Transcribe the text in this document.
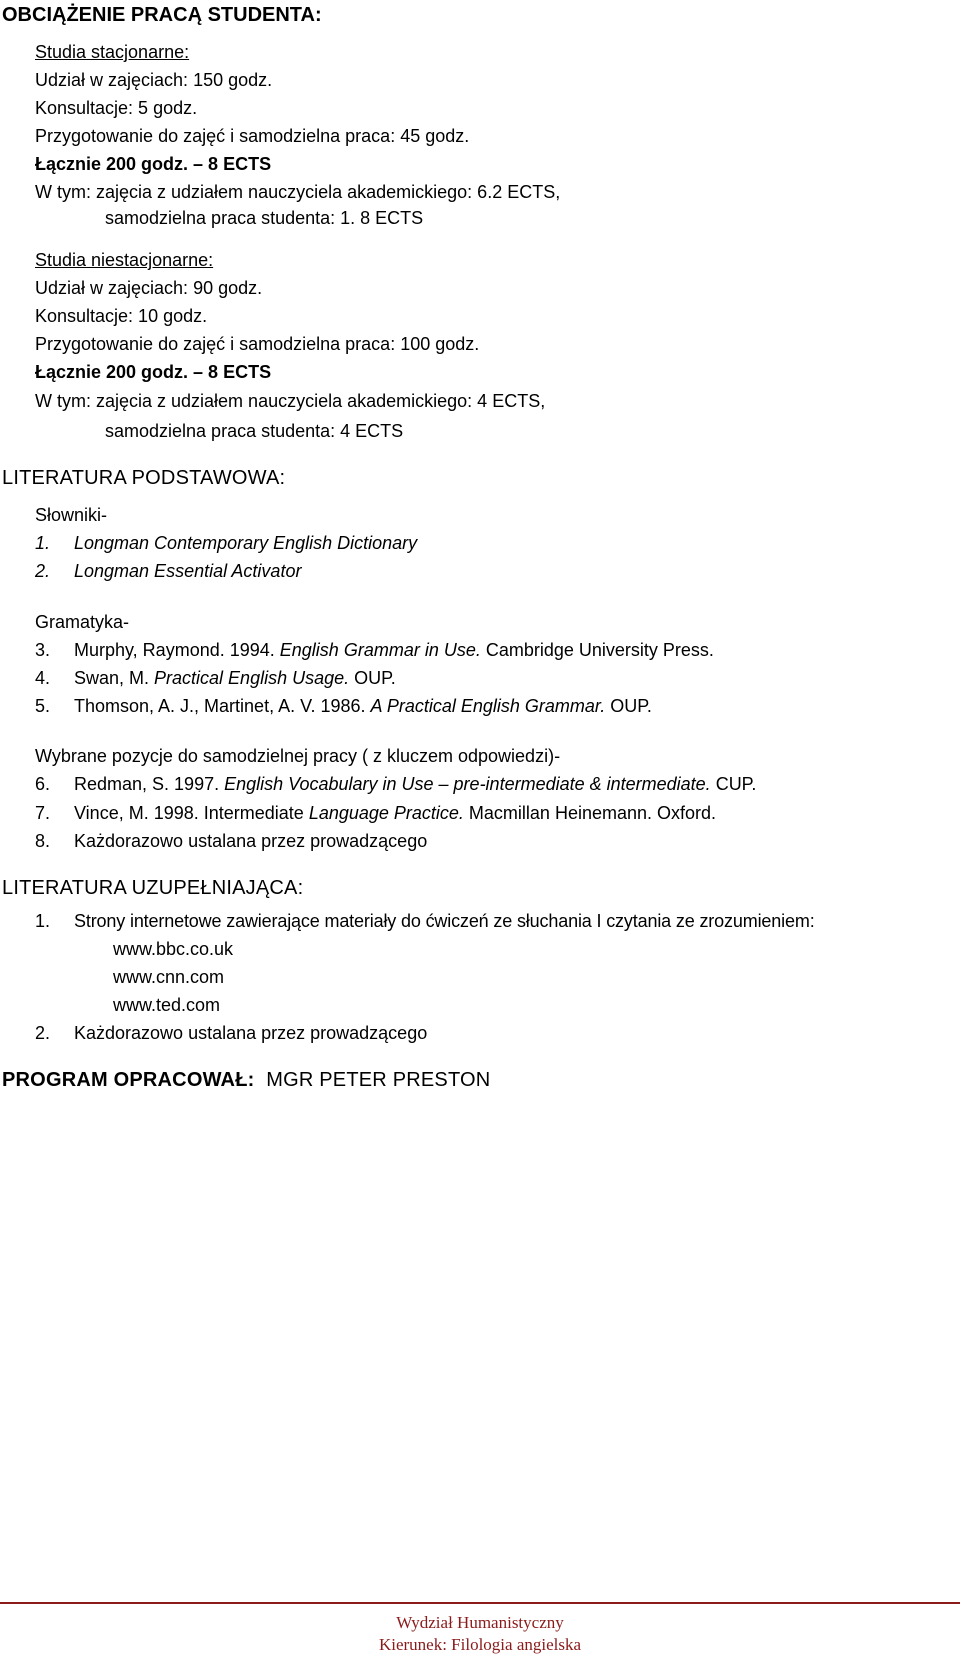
OBCIĄŻENIE PRACĄ STUDENTA:
Studia stacjonarne:
Udział w zajęciach: 150 godz.
Konsultacje: 5 godz.
Przygotowanie do zajęć i samodzielna praca: 45 godz.
Łącznie 200 godz. – 8 ECTS
W tym: zajęcia z udziałem nauczyciela akademickiego: 6.2 ECTS,
samodzielna praca studenta: 1. 8 ECTS
Studia niestacjonarne:
Udział w zajęciach: 90 godz.
Konsultacje: 10 godz.
Przygotowanie do zajęć i samodzielna praca: 100 godz.
Łącznie 200 godz. – 8 ECTS
W tym: zajęcia z udziałem nauczyciela akademickiego: 4 ECTS,
samodzielna praca studenta: 4 ECTS
LITERATURA PODSTAWOWA:
Słowniki-
1. Longman Contemporary English Dictionary
2. Longman Essential Activator
Gramatyka-
3. Murphy, Raymond. 1994. English Grammar in Use. Cambridge University Press.
4. Swan, M. Practical English Usage. OUP.
5. Thomson, A. J., Martinet, A. V. 1986. A Practical English Grammar. OUP.
Wybrane pozycje do samodzielnej pracy ( z kluczem odpowiedzi)-
6. Redman, S. 1997. English Vocabulary in Use – pre-intermediate & intermediate. CUP.
7. Vince, M. 1998. Intermediate Language Practice. Macmillan Heinemann. Oxford.
8. Każdorazowo ustalana przez prowadzącego
LITERATURA UZUPEŁNIAJĄCA:
1. Strony internetowe zawierające materiały do ćwiczeń ze słuchania I czytania ze zrozumieniem:
www.bbc.co.uk
www.cnn.com
www.ted.com
2. Każdorazowo ustalana przez prowadzącego
PROGRAM OPRACOWAŁ: MGR PETER PRESTON
Wydział Humanistyczny
Kierunek: Filologia angielska
